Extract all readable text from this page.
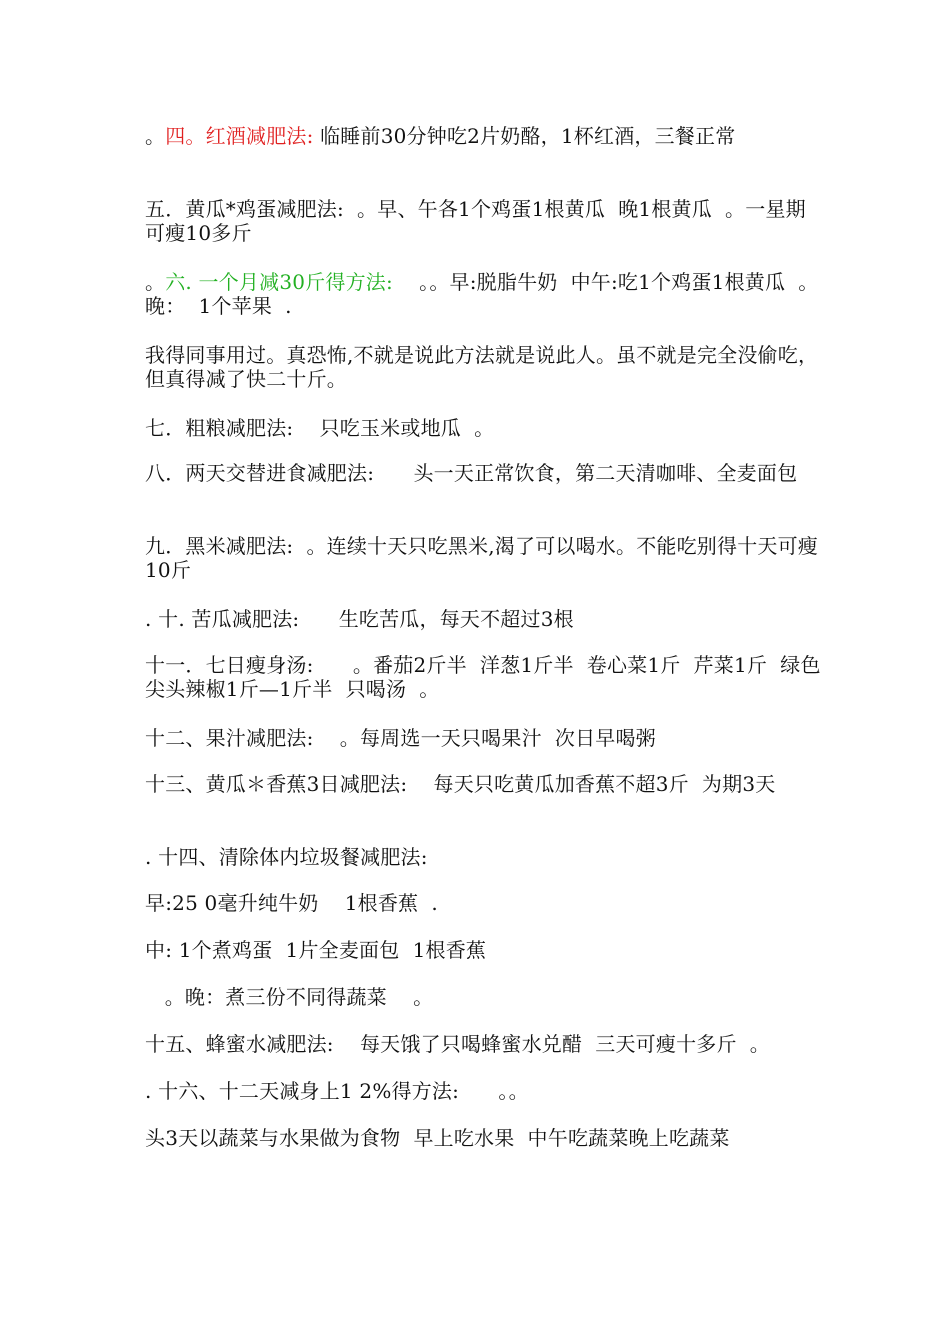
。四。红酒减肥法: 临睡前30分钟吃2片奶酪，1杯红酒，三餐正常

五．黄瓜*鸡蛋减肥法:  。早、午各1个鸡蛋1根黄瓜  晚1根黄瓜  。一星期可瘦10多斤

。六. 一个月减30斤得方法:    。。早:脱脂牛奶  中午:吃1个鸡蛋1根黄瓜  。晚：  1个苹果  .

我得同事用过。真恐怖,不就是说此方法就是说此人。虽不就是完全没偷吃，但真得减了快二十斤。

七．粗粮减肥法:    只吃玉米或地瓜  。

八．两天交替进食减肥法:      头一天正常饮食，第二天清咖啡、全麦面包

九．黑米减肥法:  。连续十天只吃黑米,渴了可以喝水。不能吃别得十天可瘦10斤

. 十. 苦瓜减肥法:      生吃苦瓜，每天不超过3根

十一．七日瘦身汤:      。番茄2斤半  洋葱1斤半  卷心菜1斤  芹菜1斤  绿色尖头辣椒1斤—1斤半  只喝汤  。

十二、果汁减肥法:    。每周选一天只喝果汁  次日早喝粥

十三、黄瓜＊香蕉3日减肥法:    每天只吃黄瓜加香蕉不超3斤  为期3天

. 十四、清除体内垃圾餐减肥法:

早:25 0毫升纯牛奶    1根香蕉  .

中: 1个煮鸡蛋  1片全麦面包  1根香蕉

。晚：煮三份不同得蔬菜    。

十五、蜂蜜水减肥法:    每天饿了只喝蜂蜜水兑醋  三天可瘦十多斤  。

. 十六、十二天减身上1 2%得方法:      。。

头3天以蔬菜与水果做为食物  早上吃水果  中午吃蔬菜晚上吃蔬菜
